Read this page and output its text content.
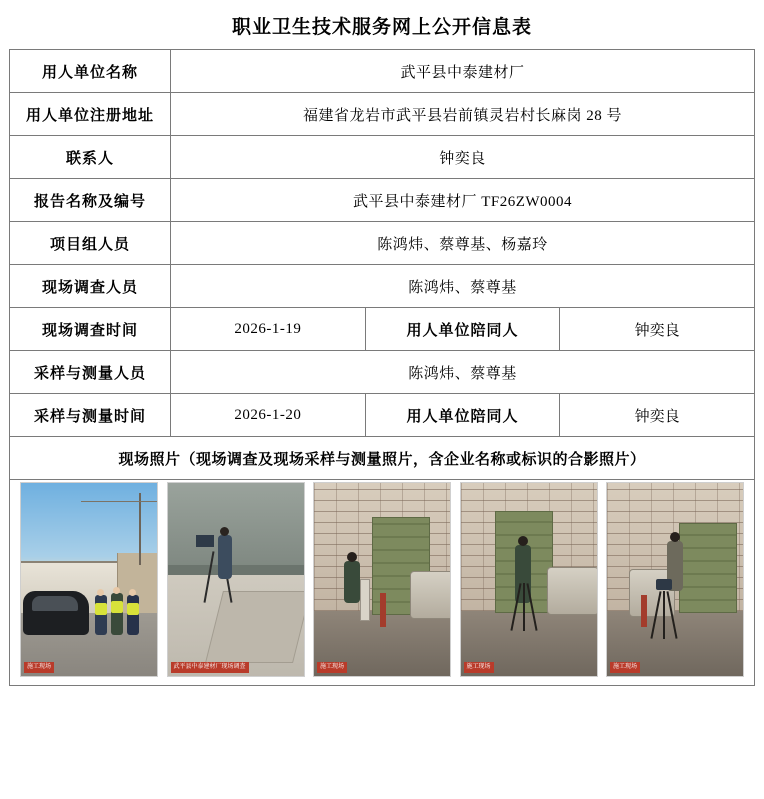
职业卫生技术服务网上公开信息表
用人单位名称	武平县中泰建材厂		
用人单位注册地址	福建省龙岩市武平县岩前镇灵岩村长麻岗 28 号		
联系人	钟奕良		
报告名称及编号	武平县中泰建材厂 TF26ZW0004		
项目组人员	陈鸿炜、蔡尊基、杨嘉玲		
现场调查人员	陈鸿炜、蔡尊基		
现场调查时间	2026-1-19	用人单位陪同人	钟奕良
采样与测量人员	陈鸿炜、蔡尊基		
采样与测量时间	2026-1-20	用人单位陪同人	钟奕良
现场照片（现场调查及现场采样与测量照片，含企业名称或标识的合影照片）			

施工现场 武平县中泰建材厂现场调查 施工现场 施工现场 施工现场			
